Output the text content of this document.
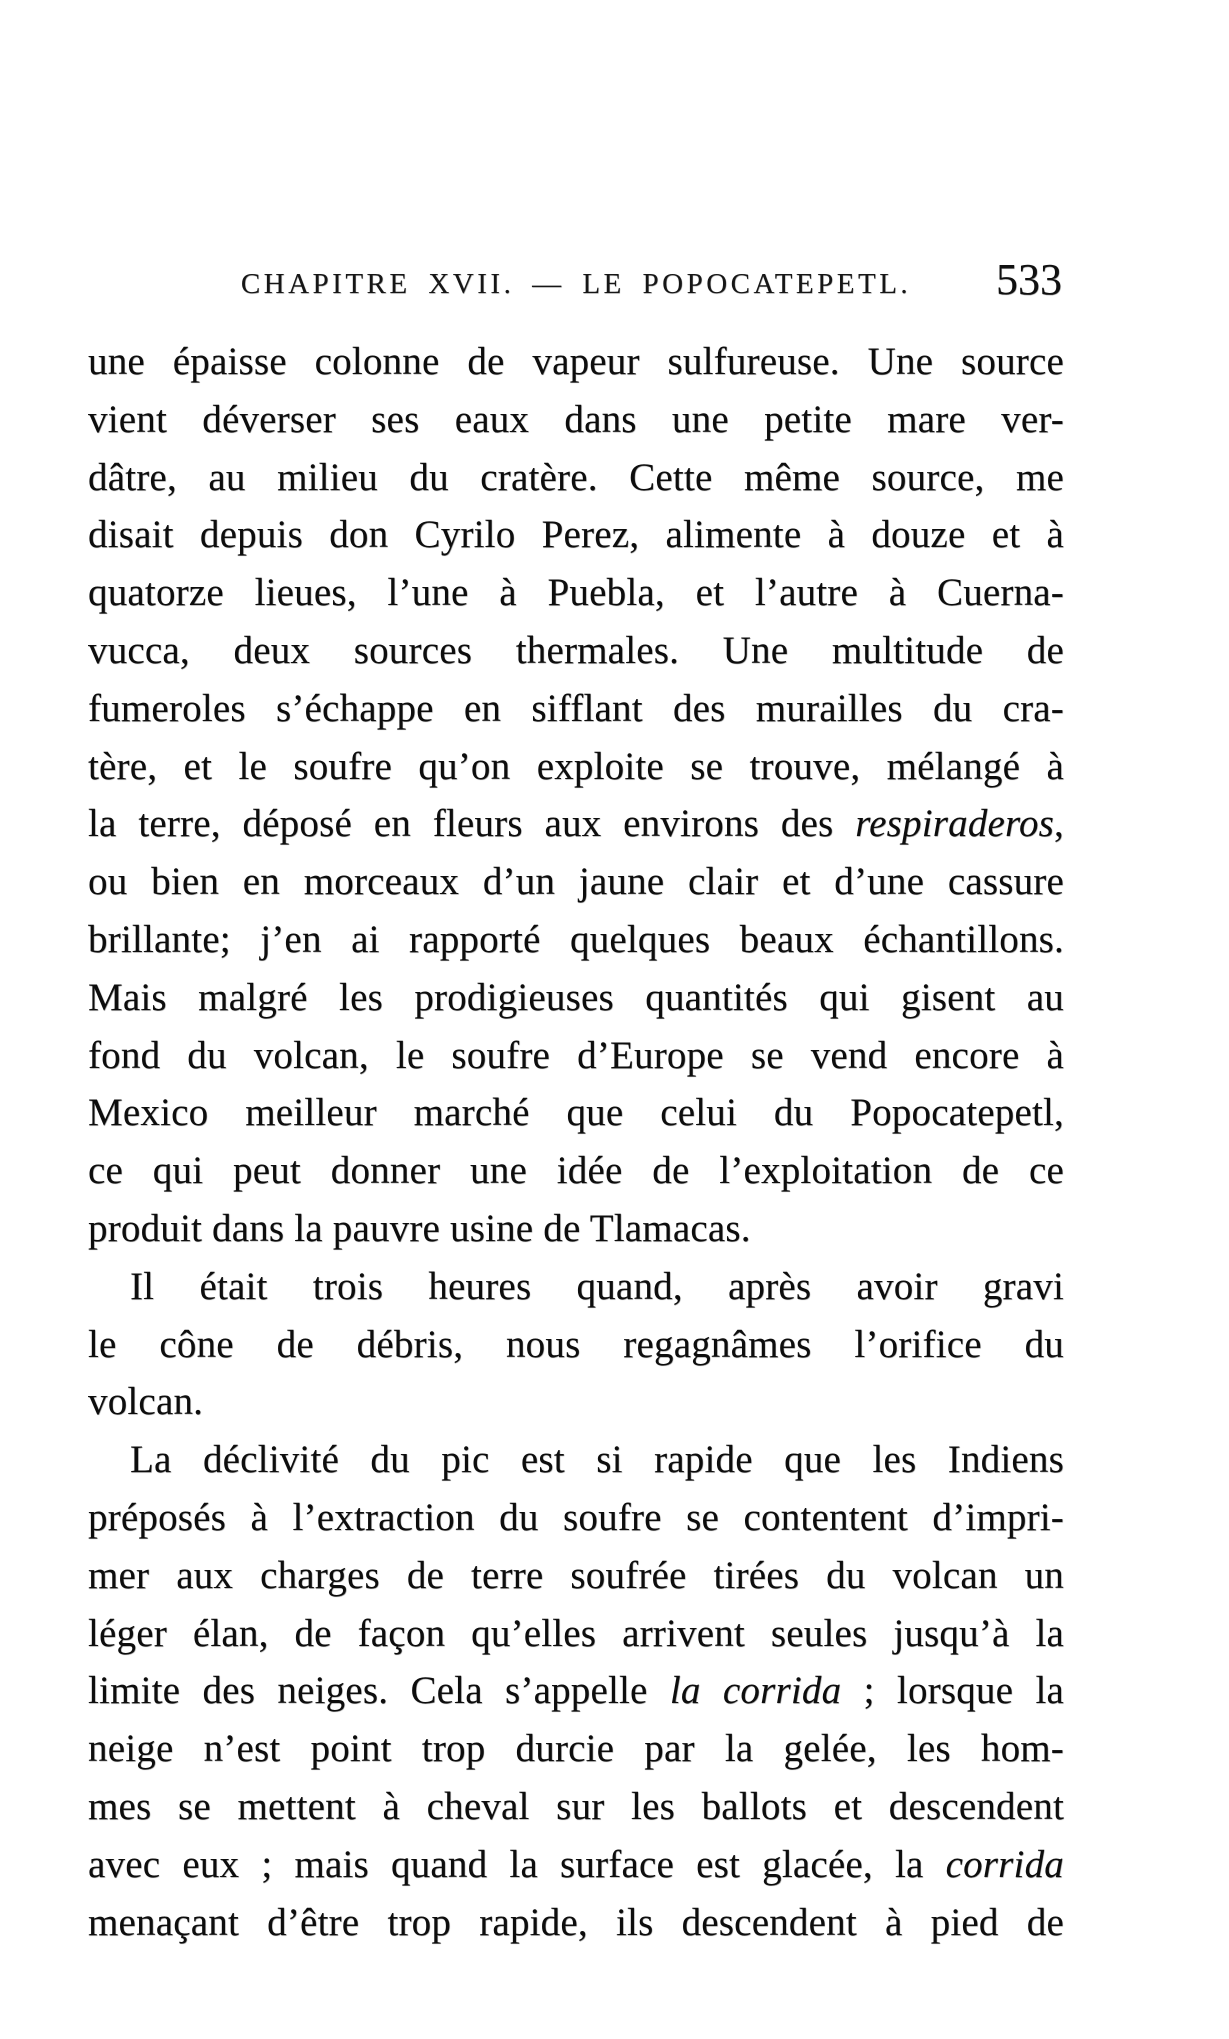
CHAPITRE XVII. — LE POPOCATEPETL.	533
une épaisse colonne de vapeur sulfureuse. Une source
vient déverser ses eaux dans une petite mare ver-
dâtre, au milieu du cratère. Cette même source, me
disait depuis don Cyrilo Perez, alimente à douze et à
quatorze lieues, l’une à Puebla, et l’autre à Cuerna-
vucca, deux sources thermales. Une multitude de
fumeroles s’échappe en sifflant des murailles du cra-
tère, et le soufre qu’on exploite se trouve, mélangé à
la terre, déposé en fleurs aux environs des respiraderos,
ou bien en morceaux d’un jaune clair et d’une cassure
brillante; j’en ai rapporté quelques beaux échantillons.
Mais malgré les prodigieuses quantités qui gisent au
fond du volcan, le soufre d’Europe se vend encore à
Mexico meilleur marché que celui du Popocatepetl,
ce qui peut donner une idée de l’exploitation de ce
produit dans la pauvre usine de Tlamacas.
Il était trois heures quand, après avoir gravi
le cône de débris, nous regagnâmes l’orifice du
volcan.
La déclivité du pic est si rapide que les Indiens
préposés à l’extraction du soufre se contentent d’impri-
mer aux charges de terre soufrée tirées du volcan un
léger élan, de façon qu’elles arrivent seules jusqu’à la
limite des neiges. Cela s’appelle la corrida ; lorsque la
neige n’est point trop durcie par la gelée, les hom-
mes se mettent à cheval sur les ballots et descendent
avec eux ; mais quand la surface est glacée, la corrida
menaçant d’être trop rapide, ils descendent à pied de
